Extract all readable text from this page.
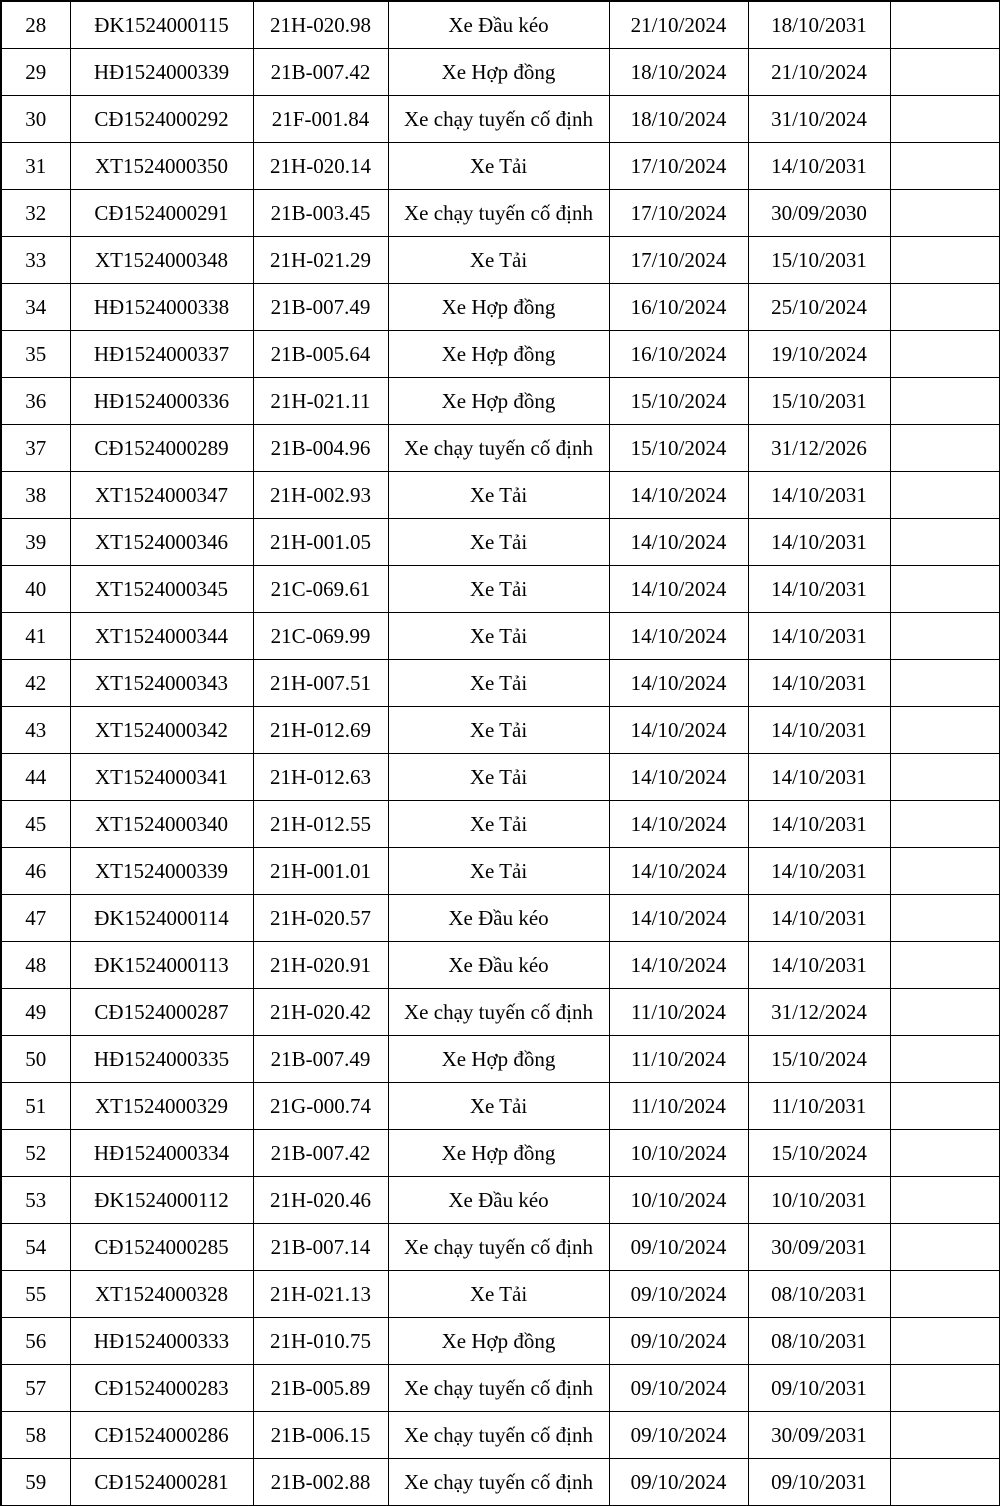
28	ĐK1524000115	21H-020.98	Xe Đầu kéo	21/10/2024	18/10/2031	
29	HĐ1524000339	21B-007.42	Xe Hợp đồng	18/10/2024	21/10/2024	
30	CĐ1524000292	21F-001.84	Xe chạy tuyến cố định	18/10/2024	31/10/2024	
31	XT1524000350	21H-020.14	Xe Tải	17/10/2024	14/10/2031	
32	CĐ1524000291	21B-003.45	Xe chạy tuyến cố định	17/10/2024	30/09/2030	
33	XT1524000348	21H-021.29	Xe Tải	17/10/2024	15/10/2031	
34	HĐ1524000338	21B-007.49	Xe Hợp đồng	16/10/2024	25/10/2024	
35	HĐ1524000337	21B-005.64	Xe Hợp đồng	16/10/2024	19/10/2024	
36	HĐ1524000336	21H-021.11	Xe Hợp đồng	15/10/2024	15/10/2031	
37	CĐ1524000289	21B-004.96	Xe chạy tuyến cố định	15/10/2024	31/12/2026	
38	XT1524000347	21H-002.93	Xe Tải	14/10/2024	14/10/2031	
39	XT1524000346	21H-001.05	Xe Tải	14/10/2024	14/10/2031	
40	XT1524000345	21C-069.61	Xe Tải	14/10/2024	14/10/2031	
41	XT1524000344	21C-069.99	Xe Tải	14/10/2024	14/10/2031	
42	XT1524000343	21H-007.51	Xe Tải	14/10/2024	14/10/2031	
43	XT1524000342	21H-012.69	Xe Tải	14/10/2024	14/10/2031	
44	XT1524000341	21H-012.63	Xe Tải	14/10/2024	14/10/2031	
45	XT1524000340	21H-012.55	Xe Tải	14/10/2024	14/10/2031	
46	XT1524000339	21H-001.01	Xe Tải	14/10/2024	14/10/2031	
47	ĐK1524000114	21H-020.57	Xe Đầu kéo	14/10/2024	14/10/2031	
48	ĐK1524000113	21H-020.91	Xe Đầu kéo	14/10/2024	14/10/2031	
49	CĐ1524000287	21H-020.42	Xe chạy tuyến cố định	11/10/2024	31/12/2024	
50	HĐ1524000335	21B-007.49	Xe Hợp đồng	11/10/2024	15/10/2024	
51	XT1524000329	21G-000.74	Xe Tải	11/10/2024	11/10/2031	
52	HĐ1524000334	21B-007.42	Xe Hợp đồng	10/10/2024	15/10/2024	
53	ĐK1524000112	21H-020.46	Xe Đầu kéo	10/10/2024	10/10/2031	
54	CĐ1524000285	21B-007.14	Xe chạy tuyến cố định	09/10/2024	30/09/2031	
55	XT1524000328	21H-021.13	Xe Tải	09/10/2024	08/10/2031	
56	HĐ1524000333	21H-010.75	Xe Hợp đồng	09/10/2024	08/10/2031	
57	CĐ1524000283	21B-005.89	Xe chạy tuyến cố định	09/10/2024	09/10/2031	
58	CĐ1524000286	21B-006.15	Xe chạy tuyến cố định	09/10/2024	30/09/2031	
59	CĐ1524000281	21B-002.88	Xe chạy tuyến cố định	09/10/2024	09/10/2031	
